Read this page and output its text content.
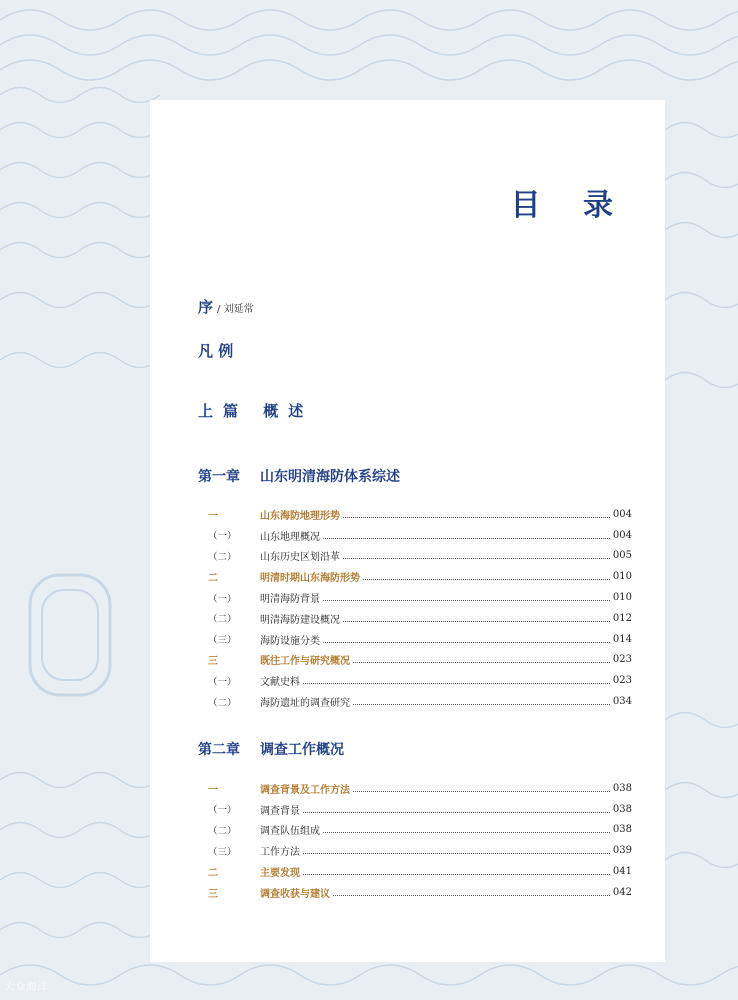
目 录
序 / 刘延常
凡 例
上篇 概述
第一章 山东明清海防体系综述
一	山东海防地理形势	004
（一）	山东地理概况	004
（二）	山东历史区划沿革	005
二	明清时期山东海防形势	010
（一）	明清海防背景	010
（二）	明清海防建设概况	012
（三）	海防设施分类	014
三	既往工作与研究概况	023
（一）	文献史料	023
（二）	海防遗址的调查研究	034
第二章 调查工作概况
一	调查背景及工作方法	038
（一）	调查背景	038
（二）	调查队伍组成	038
（三）	工作方法	039
二	主要发现	041
三	调查收获与建议	042
大众海洋
